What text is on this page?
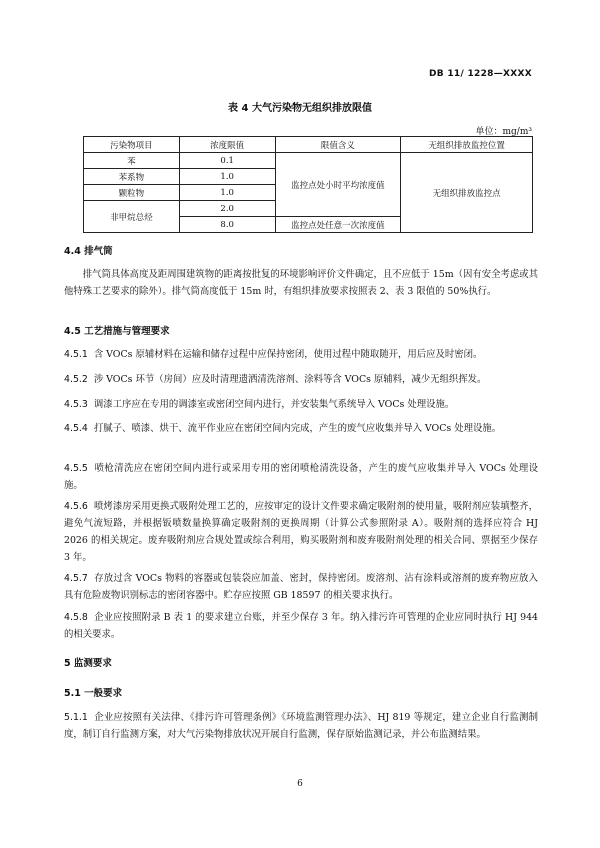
DB 11/ 1228—XXXX
表 4 大气污染物无组织排放限值
单位：mg/m³
污染物项目	浓度限值	限值含义	无组织排放监控位置
苯	0.1	监控点处小时平均浓度值	无组织排放监控点
苯系物	1.0		
颗粒物	1.0		
非甲烷总烃	2.0		
	8.0	监控点处任意一次浓度值	

4.4 排气筒

排气筒具体高度及距周围建筑物的距离按批复的环境影响评价文件确定，且不应低于 15m（因有安全考虑或其他特殊工艺要求的除外）。排气筒高度低于 15m 时，有组织排放要求按照表 2、表 3 限值的 50%执行。

4.5 工艺措施与管理要求

4.5.1 含 VOCs 原辅材料在运输和储存过程中应保持密闭，使用过程中随取随开，用后应及时密闭。

4.5.2 涉 VOCs 环节（房间）应及时清理遗洒清洗溶剂、涂料等含 VOCs 原辅料，减少无组织挥发。

4.5.3 调漆工序应在专用的调漆室或密闭空间内进行，并安装集气系统导入 VOCs 处理设施。

4.5.4 打腻子、喷漆、烘干、流平作业应在密闭空间内完成，产生的废气应收集并导入 VOCs 处理设施。

4.5.5 喷枪清洗应在密闭空间内进行或采用专用的密闭喷枪清洗设备，产生的废气应收集并导入 VOCs 处理设施。

4.5.6 喷烤漆房采用更换式吸附处理工艺的，应按审定的设计文件要求确定吸附剂的使用量，吸附剂应装填整齐，避免气流短路，并根据钣喷数量换算确定吸附剂的更换周期（计算公式参照附录 A）。吸附剂的选择应符合 HJ 2026 的相关规定。废弃吸附剂应合规处置或综合利用，购买吸附剂和废弃吸附剂处理的相关合同、票据至少保存 3 年。

4.5.7 存放过含 VOCs 物料的容器或包装袋应加盖、密封，保持密闭。废溶剂、沾有涂料或溶剂的废弃物应放入具有危险废物识别标志的密闭容器中。贮存应按照 GB 18597 的相关要求执行。

4.5.8 企业应按照附录 B 表 1 的要求建立台账，并至少保存 3 年。纳入排污许可管理的企业应同时执行 HJ 944 的相关要求。

5 监测要求

5.1 一般要求

5.1.1 企业应按照有关法律、《排污许可管理条例》《环境监测管理办法》、HJ 819 等规定，建立企业自行监测制度，制订自行监测方案，对大气污染物排放状况开展自行监测，保存原始监测记录，并公布监测结果。

6
